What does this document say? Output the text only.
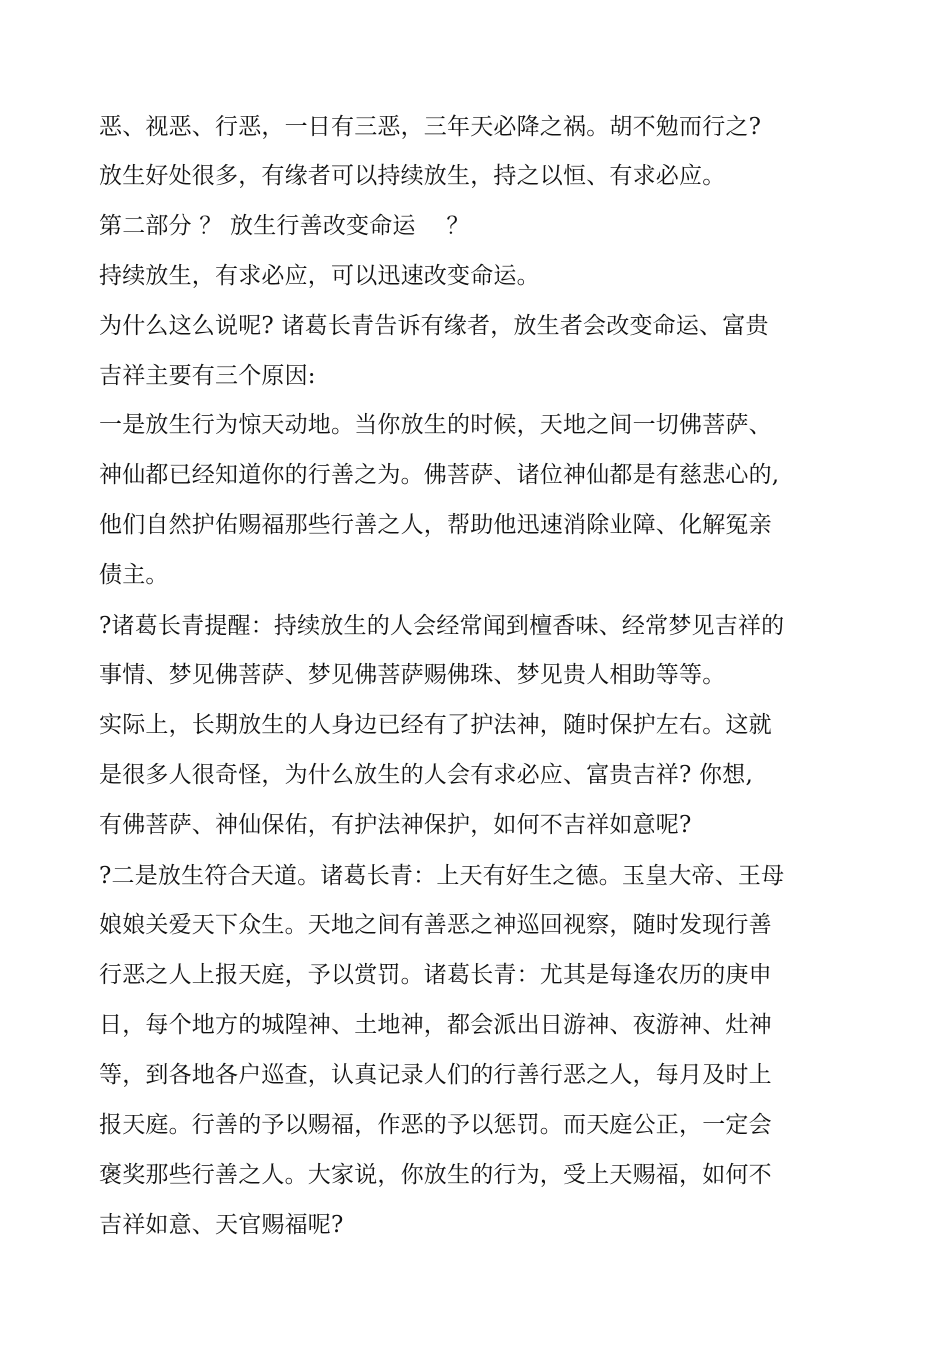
恶、视恶、行恶，一日有三恶，三年天必降之祸。胡不勉而行之?
放生好处很多，有缘者可以持续放生，持之以恒、有求必应。
第二部分 ？ 放生行善改变命运 　？
持续放生，有求必应，可以迅速改变命运。
为什么这么说呢? 诸葛长青告诉有缘者，放生者会改变命运、富贵
吉祥主要有三个原因:
一是放生行为惊天动地。当你放生的时候，天地之间一切佛菩萨、
神仙都已经知道你的行善之为。佛菩萨、诸位神仙都是有慈悲心的,
他们自然护佑赐福那些行善之人，帮助他迅速消除业障、化解冤亲
债主。
?诸葛长青提醒：持续放生的人会经常闻到檀香味、经常梦见吉祥的
事情、梦见佛菩萨、梦见佛菩萨赐佛珠、梦见贵人相助等等。
实际上，长期放生的人身边已经有了护法神，随时保护左右。这就
是很多人很奇怪，为什么放生的人会有求必应、富贵吉祥? 你想,
有佛菩萨、神仙保佑，有护法神保护，如何不吉祥如意呢?
?二是放生符合天道。诸葛长青：上天有好生之德。玉皇大帝、王母
娘娘关爱天下众生。天地之间有善恶之神巡回视察，随时发现行善
行恶之人上报天庭，予以赏罚。诸葛长青：尤其是每逢农历的庚申
日，每个地方的城隍神、土地神，都会派出日游神、夜游神、灶神
等，到各地各户巡查，认真记录人们的行善行恶之人，每月及时上
报天庭。行善的予以赐福，作恶的予以惩罚。而天庭公正，一定会
褒奖那些行善之人。大家说，你放生的行为，受上天赐福，如何不
吉祥如意、天官赐福呢?
